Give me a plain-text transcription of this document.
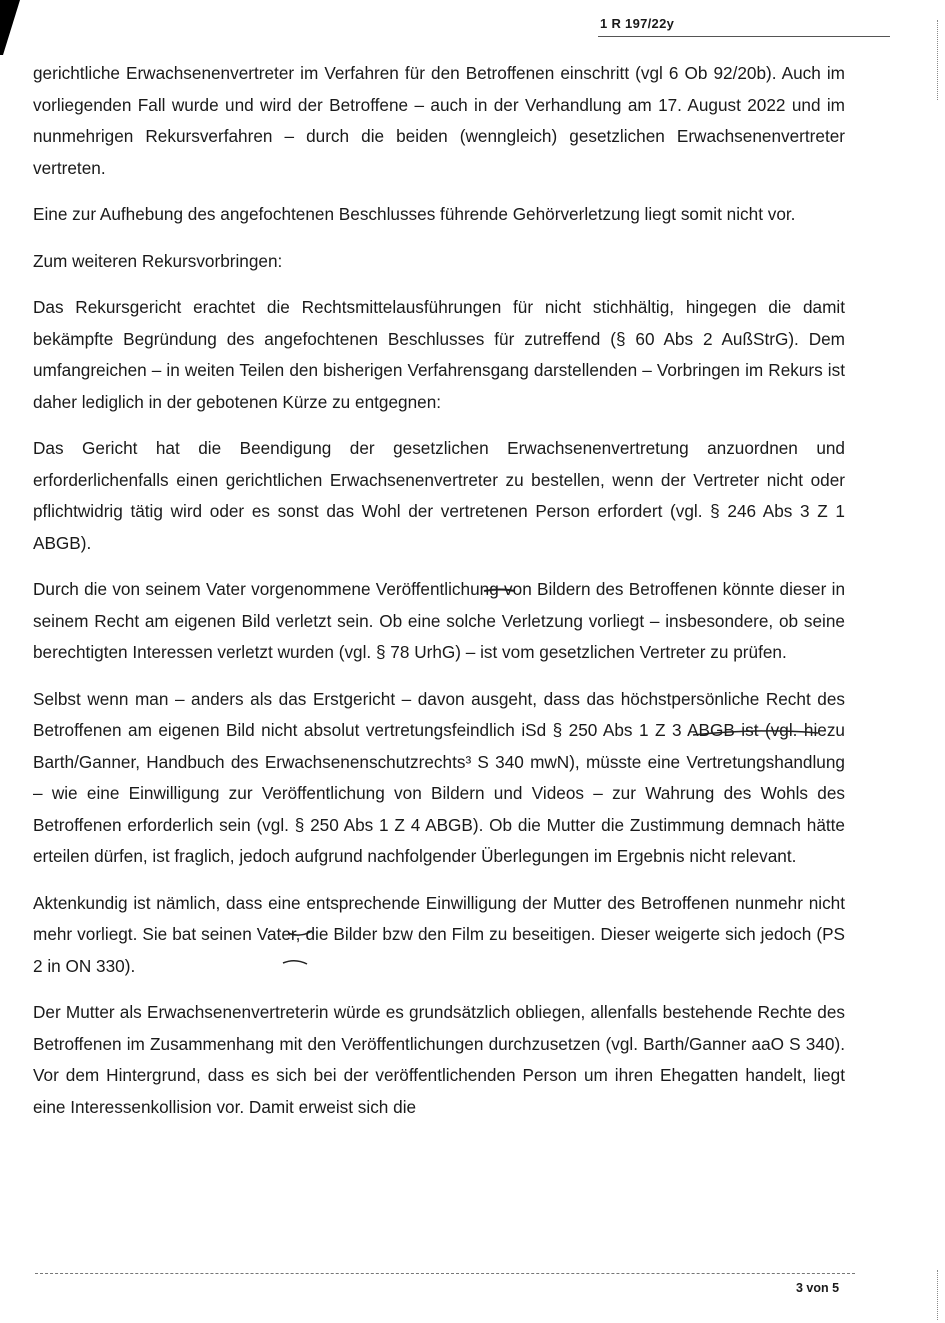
1 R 197/22y

gerichtliche Erwachsenenvertreter im Verfahren für den Betroffenen einschritt (vgl 6 Ob 92/20b). Auch im vorliegenden Fall wurde und wird der Betroffene – auch in der Verhandlung am 17. August 2022 und im nunmehrigen Rekursverfahren – durch die beiden (wenngleich) gesetzlichen Erwachsenenvertreter vertreten.

Eine zur Aufhebung des angefochtenen Beschlusses führende Gehörverletzung liegt somit nicht vor.

Zum weiteren Rekursvorbringen:

Das Rekursgericht erachtet die Rechtsmittelausführungen für nicht stichhältig, hingegen die damit bekämpfte Begründung des angefochtenen Beschlusses für zutreffend (§ 60 Abs 2 AußStrG). Dem umfangreichen – in weiten Teilen den bisherigen Verfahrensgang darstellenden – Vorbringen im Rekurs ist daher lediglich in der gebotenen Kürze zu entgegnen:

Das Gericht hat die Beendigung der gesetzlichen Erwachsenenvertretung anzuordnen und erforderlichenfalls einen gerichtlichen Erwachsenenvertreter zu bestellen, wenn der Vertreter nicht oder pflichtwidrig tätig wird oder es sonst das Wohl der vertretenen Person erfordert (vgl. § 246 Abs 3 Z 1 ABGB).

Durch die von seinem Vater vorgenommene Veröffentlichung von Bildern des Betroffenen könnte dieser in seinem Recht am eigenen Bild verletzt sein. Ob eine solche Verletzung vorliegt – insbesondere, ob seine berechtigten Interessen verletzt wurden (vgl. § 78 UrhG) – ist vom gesetzlichen Vertreter zu prüfen.

Selbst wenn man – anders als das Erstgericht – davon ausgeht, dass das höchstpersönliche Recht des Betroffenen am eigenen Bild nicht absolut vertretungsfeindlich iSd § 250 Abs 1 Z 3 ABGB ist (vgl. hiezu Barth/Ganner, Handbuch des Erwachsenenschutzrechts³ S 340 mwN), müsste eine Vertretungshandlung – wie eine Einwilligung zur Veröffentlichung von Bildern und Videos – zur Wahrung des Wohls des Betroffenen erforderlich sein (vgl. § 250 Abs 1 Z 4 ABGB). Ob die Mutter die Zustimmung demnach hätte erteilen dürfen, ist fraglich, jedoch aufgrund nachfolgender Überlegungen im Ergebnis nicht relevant.

Aktenkundig ist nämlich, dass eine entsprechende Einwilligung der Mutter des Betroffenen nunmehr nicht mehr vorliegt. Sie bat seinen Vater, die Bilder bzw den Film zu beseitigen. Dieser weigerte sich jedoch (PS 2 in ON 330).

Der Mutter als Erwachsenenvertreterin würde es grundsätzlich obliegen, allenfalls bestehende Rechte des Betroffenen im Zusammenhang mit den Veröffentlichungen durchzusetzen (vgl. Barth/Ganner aaO S 340). Vor dem Hintergrund, dass es sich bei der veröffentlichenden Person um ihren Ehegatten handelt, liegt eine Interessenkollision vor. Damit erweist sich die

3 von 5
